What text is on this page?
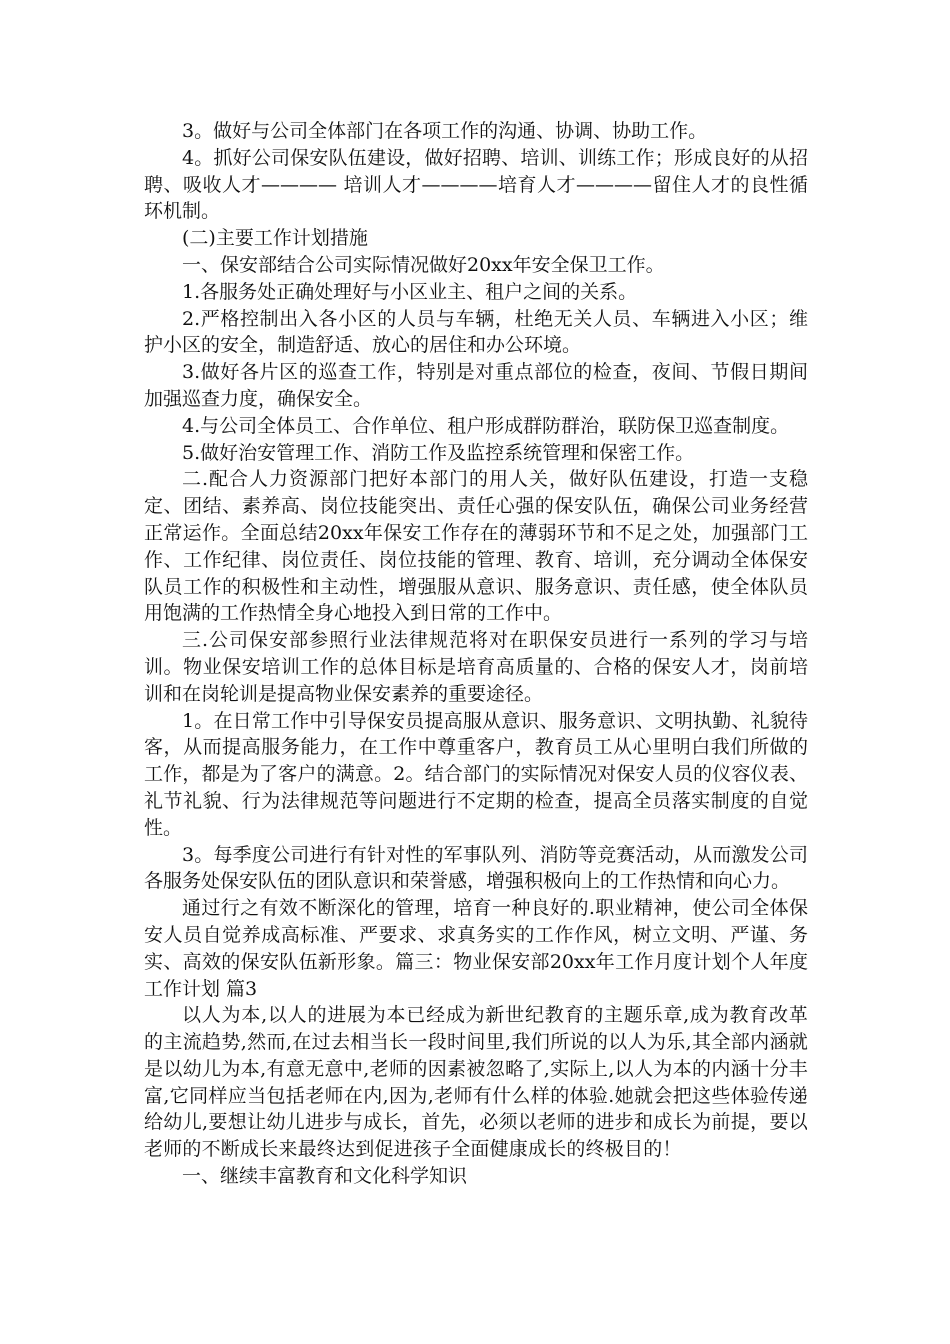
3。做好与公司全体部门在各项工作的沟通、协调、协助工作。

4。抓好公司保安队伍建设，做好招聘、培训、训练工作；形成良好的从招聘、吸收人才———— 培训人才————培育人才————留住人才的良性循环机制。

(二)主要工作计划措施

一、保安部结合公司实际情况做好20xx年安全保卫工作。

1.各服务处正确处理好与小区业主、租户之间的关系。

2.严格控制出入各小区的人员与车辆，杜绝无关人员、车辆进入小区；维护小区的安全，制造舒适、放心的居住和办公环境。

3.做好各片区的巡查工作，特别是对重点部位的检查，夜间、节假日期间加强巡查力度，确保安全。

4.与公司全体员工、合作单位、租户形成群防群治，联防保卫巡查制度。

5.做好治安管理工作、消防工作及监控系统管理和保密工作。

二.配合人力资源部门把好本部门的用人关，做好队伍建设，打造一支稳定、团结、素养高、岗位技能突出、责任心强的保安队伍，确保公司业务经营正常运作。全面总结20xx年保安工作存在的薄弱环节和不足之处，加强部门工作、工作纪律、岗位责任、岗位技能的管理、教育、培训，充分调动全体保安队员工作的积极性和主动性，增强服从意识、服务意识、责任感，使全体队员用饱满的工作热情全身心地投入到日常的工作中。

三.公司保安部参照行业法律规范将对在职保安员进行一系列的学习与培训。物业保安培训工作的总体目标是培育高质量的、合格的保安人才，岗前培训和在岗轮训是提高物业保安素养的重要途径。

1。在日常工作中引导保安员提高服从意识、服务意识、文明执勤、礼貌待客，从而提高服务能力，在工作中尊重客户，教育员工从心里明白我们所做的工作，都是为了客户的满意。2。结合部门的实际情况对保安人员的仪容仪表、礼节礼貌、行为法律规范等问题进行不定期的检查，提高全员落实制度的自觉性。

3。每季度公司进行有针对性的军事队列、消防等竞赛活动，从而激发公司各服务处保安队伍的团队意识和荣誉感，增强积极向上的工作热情和向心力。

通过行之有效不断深化的管理，培育一种良好的.职业精神，使公司全体保安人员自觉养成高标准、严要求、求真务实的工作作风，树立文明、严谨、务实、高效的保安队伍新形象。篇三：物业保安部20xx年工作月度计划个人年度工作计划 篇3

以人为本,以人的进展为本已经成为新世纪教育的主题乐章,成为教育改革的主流趋势,然而,在过去相当长一段时间里,我们所说的以人为乐,其全部内涵就是以幼儿为本,有意无意中,老师的因素被忽略了,实际上,以人为本的内涵十分丰富,它同样应当包括老师在内,因为,老师有什么样的体验.她就会把这些体验传递给幼儿,要想让幼儿进步与成长，首先，必须以老师的进步和成长为前提，要以老师的不断成长来最终达到促进孩子全面健康成长的终极目的！

一、继续丰富教育和文化科学知识
